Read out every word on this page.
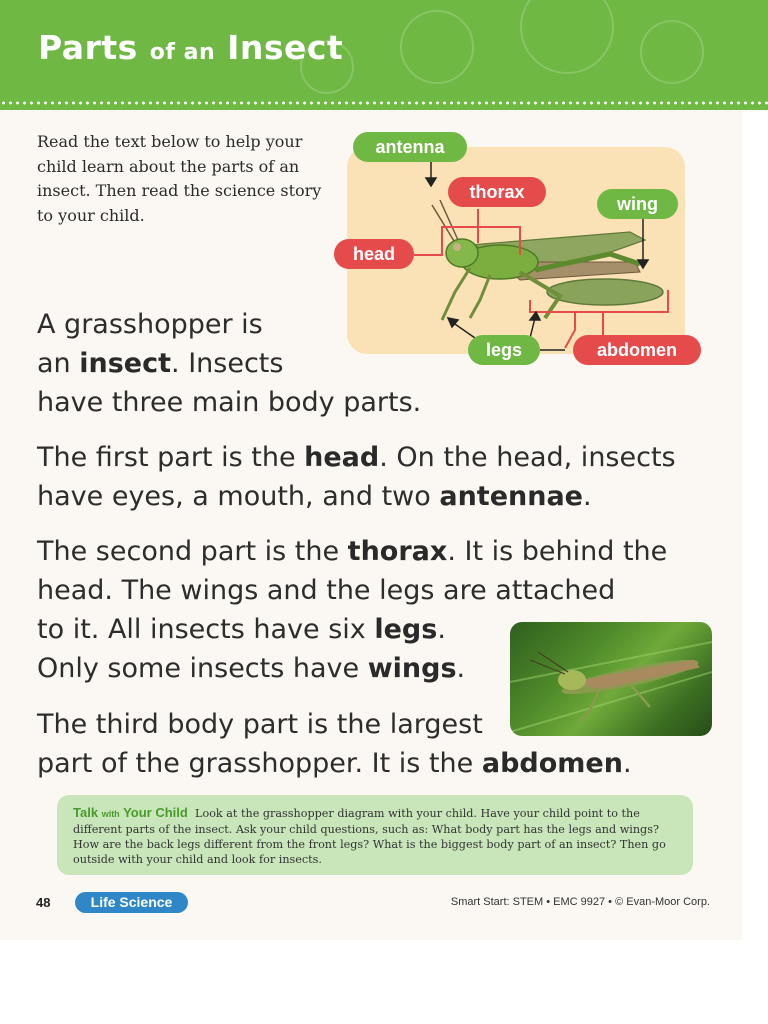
Parts of an Insect
Read the text below to help your child learn about the parts of an insect. Then read the science story to your child.
antenna
thorax
wing
head
legs	abdomen
A grasshopper is
an insect. Insects
have three main body parts.
The first part is the head. On the head, insects
have eyes, a mouth, and two antennae.
The second part is the thorax. It is behind the
head. The wings and the legs are attached
to it. All insects have six legs.
Only some insects have wings.
The third body part is the largest
part of the grasshopper. It is the abdomen.
Talk with Your Child Look at the grasshopper diagram with your child. Have your child point to the different parts of the insect. Ask your child questions, such as: What body part has the legs and wings? How are the back legs different from the front legs? What is the biggest body part of an insect? Then go outside with your child and look for insects.
48	Life Science	Smart Start: STEM • EMC 9927 • © Evan-Moor Corp.
